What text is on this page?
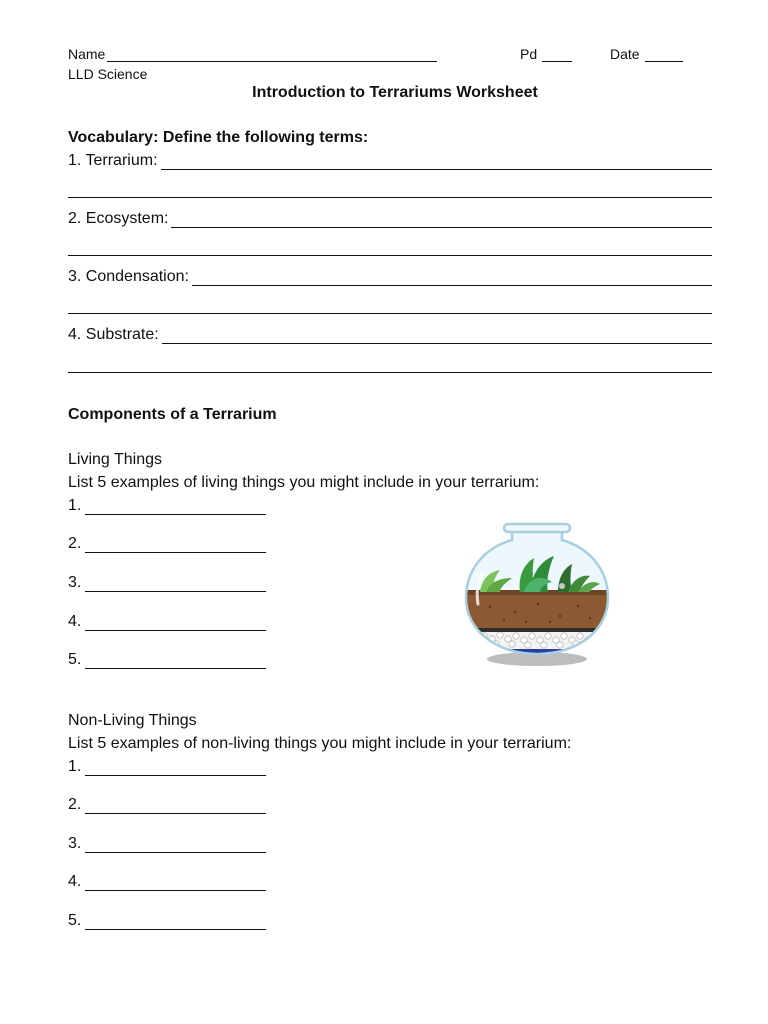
Name	Pd	Date
LLD Science
Introduction to Terrariums Worksheet
Vocabulary: Define the following terms:
1. Terrarium:
2. Ecosystem:
3. Condensation:
4. Substrate:
Components of a Terrarium
Living Things
List 5 examples of living things you might include in your terrarium:
1.
2.
3.
4.
5.
Non-Living Things
List 5 examples of non-living things you might include in your terrarium:
1.
2.
3.
4.
5.
